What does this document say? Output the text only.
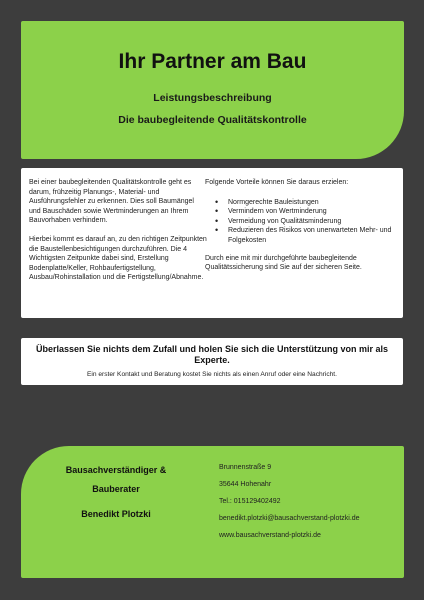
Ihr Partner am Bau
Leistungsbeschreibung
Die baubegleitende Qualitätskontrolle

Bei einer baubegleitenden Qualitätskontrolle geht es darum, frühzeitig Planungs-, Material- und Ausführungsfehler zu erkennen. Dies soll Baumängel und Bauschäden sowie Wertminderungen an Ihrem Bauvorhaben verhindern.

Hierbei kommt es darauf an, zu den richtigen Zeitpunkten die Baustellenbesichtigungen durchzuführen. Die 4 Wichtigsten Zeitpunkte dabei sind, Erstellung Bodenplatte/Keller, Rohbaufertigstellung, Ausbau/Rohinstallation und die Fertigstellung/Abnahme.

Folgende Vorteile können Sie daraus erzielen:
• Normgerechte Bauleistungen
• Vermindern von Wertminderung
• Vermeidung von Qualitätsminderung
• Reduzieren des Risikos von unerwarteten Mehr- und Folgekosten
Durch eine mit mir durchgeführte baubegleitende Qualitätssicherung sind Sie auf der sicheren Seite.
Überlassen Sie nichts dem Zufall und holen Sie sich die Unterstützung von mir als Experte.
Ein erster Kontakt und Beratung kostet Sie nichts als einen Anruf oder eine Nachricht.
Bausachverständiger &
Bauberater
Benedikt Plotzki
Brunnenstraße 9
35644 Hohenahr
Tel.: 015129402492
benedikt.plotzki@bausachverstand-plotzki.de
www.bausachverstand-plotzki.de
